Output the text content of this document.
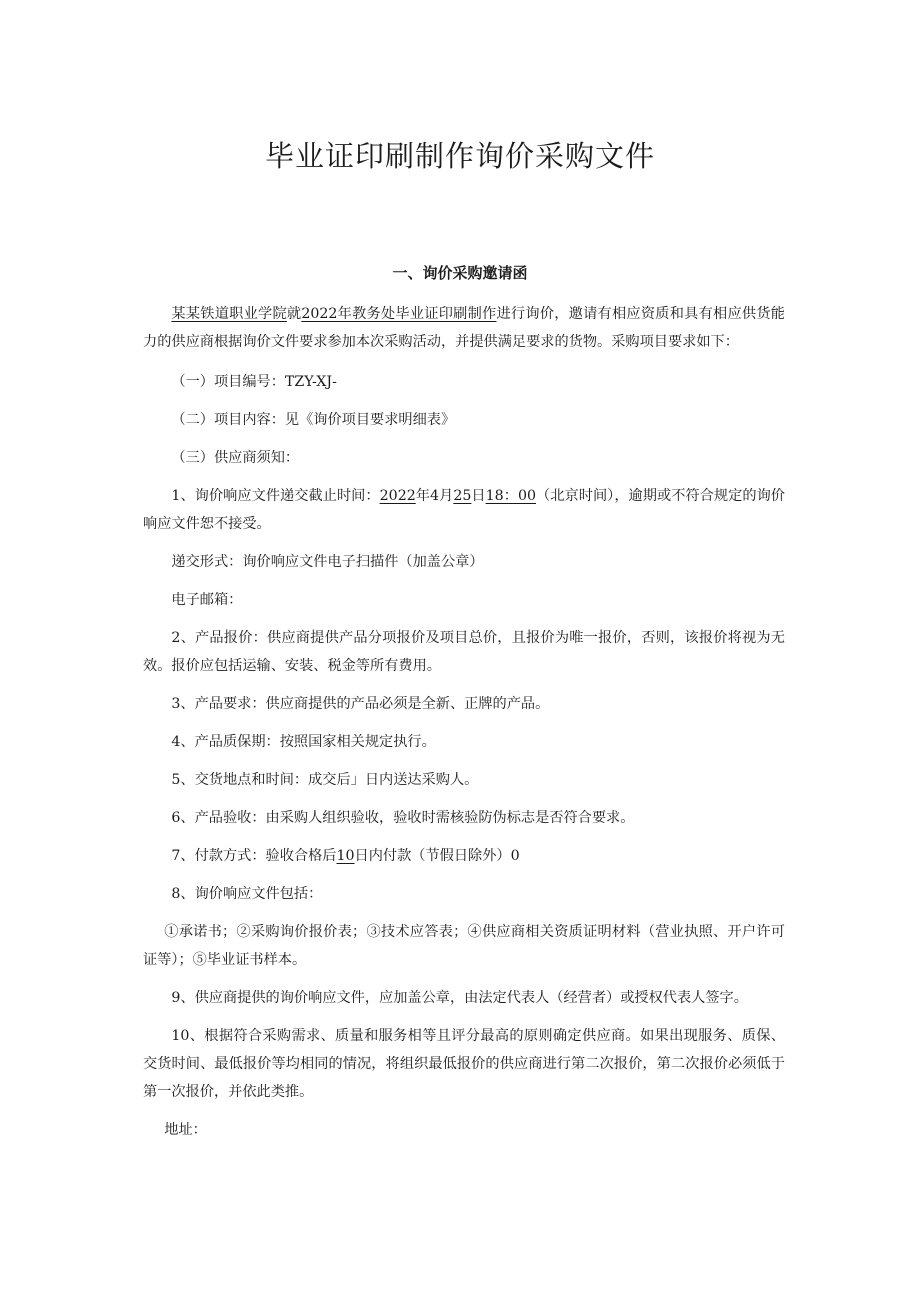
毕业证印刷制作询价采购文件
一、询价采购邀请函

某某铁道职业学院就2022年教务处毕业证印刷制作进行询价，邀请有相应资质和具有相应供货能力的供应商根据询价文件要求参加本次采购活动，并提供满足要求的货物。采购项目要求如下：

（一）项目编号：TZY-XJ-

（二）项目内容：见《询价项目要求明细表》

（三）供应商须知：

1、询价响应文件递交截止时间：2022年4月25日18：00（北京时间），逾期或不符合规定的询价响应文件恕不接受。

递交形式：询价响应文件电子扫描件（加盖公章）

电子邮箱：

2、产品报价：供应商提供产品分项报价及项目总价，且报价为唯一报价，否则，该报价将视为无效。报价应包括运输、安装、税金等所有费用。

3、产品要求：供应商提供的产品必须是全新、正牌的产品。

4、产品质保期：按照国家相关规定执行。

5、交货地点和时间：成交后」日内送达采购人。

6、产品验收：由采购人组织验收，验收时需核验防伪标志是否符合要求。

7、付款方式：验收合格后10日内付款（节假日除外）0

8、询价响应文件包括：

①承诺书；②采购询价报价表；③技术应答表；④供应商相关资质证明材料（营业执照、开户许可证等）；⑤毕业证书样本。

9、供应商提供的询价响应文件，应加盖公章，由法定代表人（经营者）或授权代表人签字。

10、根据符合采购需求、质量和服务相等且评分最高的原则确定供应商。如果出现服务、质保、交货时间、最低报价等均相同的情况，将组织最低报价的供应商进行第二次报价，第二次报价必须低于第一次报价，并依此类推。

地址：
